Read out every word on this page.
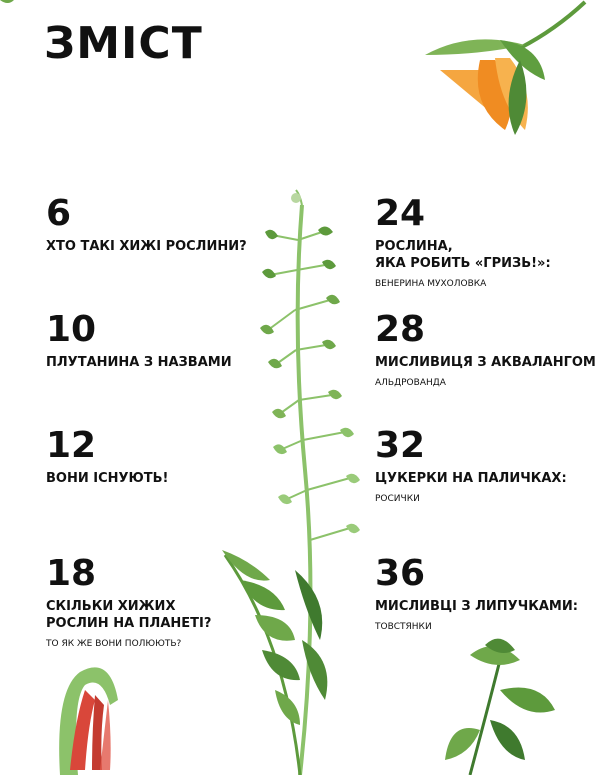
ЗМІСТ
6
ХТО ТАКІ ХИЖІ РОСЛИНИ?
10
ПЛУТАНИНА З НАЗВАМИ
12
ВОНИ ІСНУЮТЬ!
18
СКІЛЬКИ ХИЖИХ
РОСЛИН НА ПЛАНЕТІ?
ТО ЯК ЖЕ ВОНИ ПОЛЮЮТЬ?
24
РОСЛИНА,
ЯКА РОБИТЬ «ГРИЗЬ!»:
ВЕНЕРИНА МУХОЛОВКА
28
МИСЛИВИЦЯ З АКВАЛАНГОМ
АЛЬДРОВАНДА
32
ЦУКЕРКИ НА ПАЛИЧКАХ:
РОСИЧКИ
36
МИСЛИВЦІ З ЛИПУЧКАМИ:
ТОВСТЯНКИ
